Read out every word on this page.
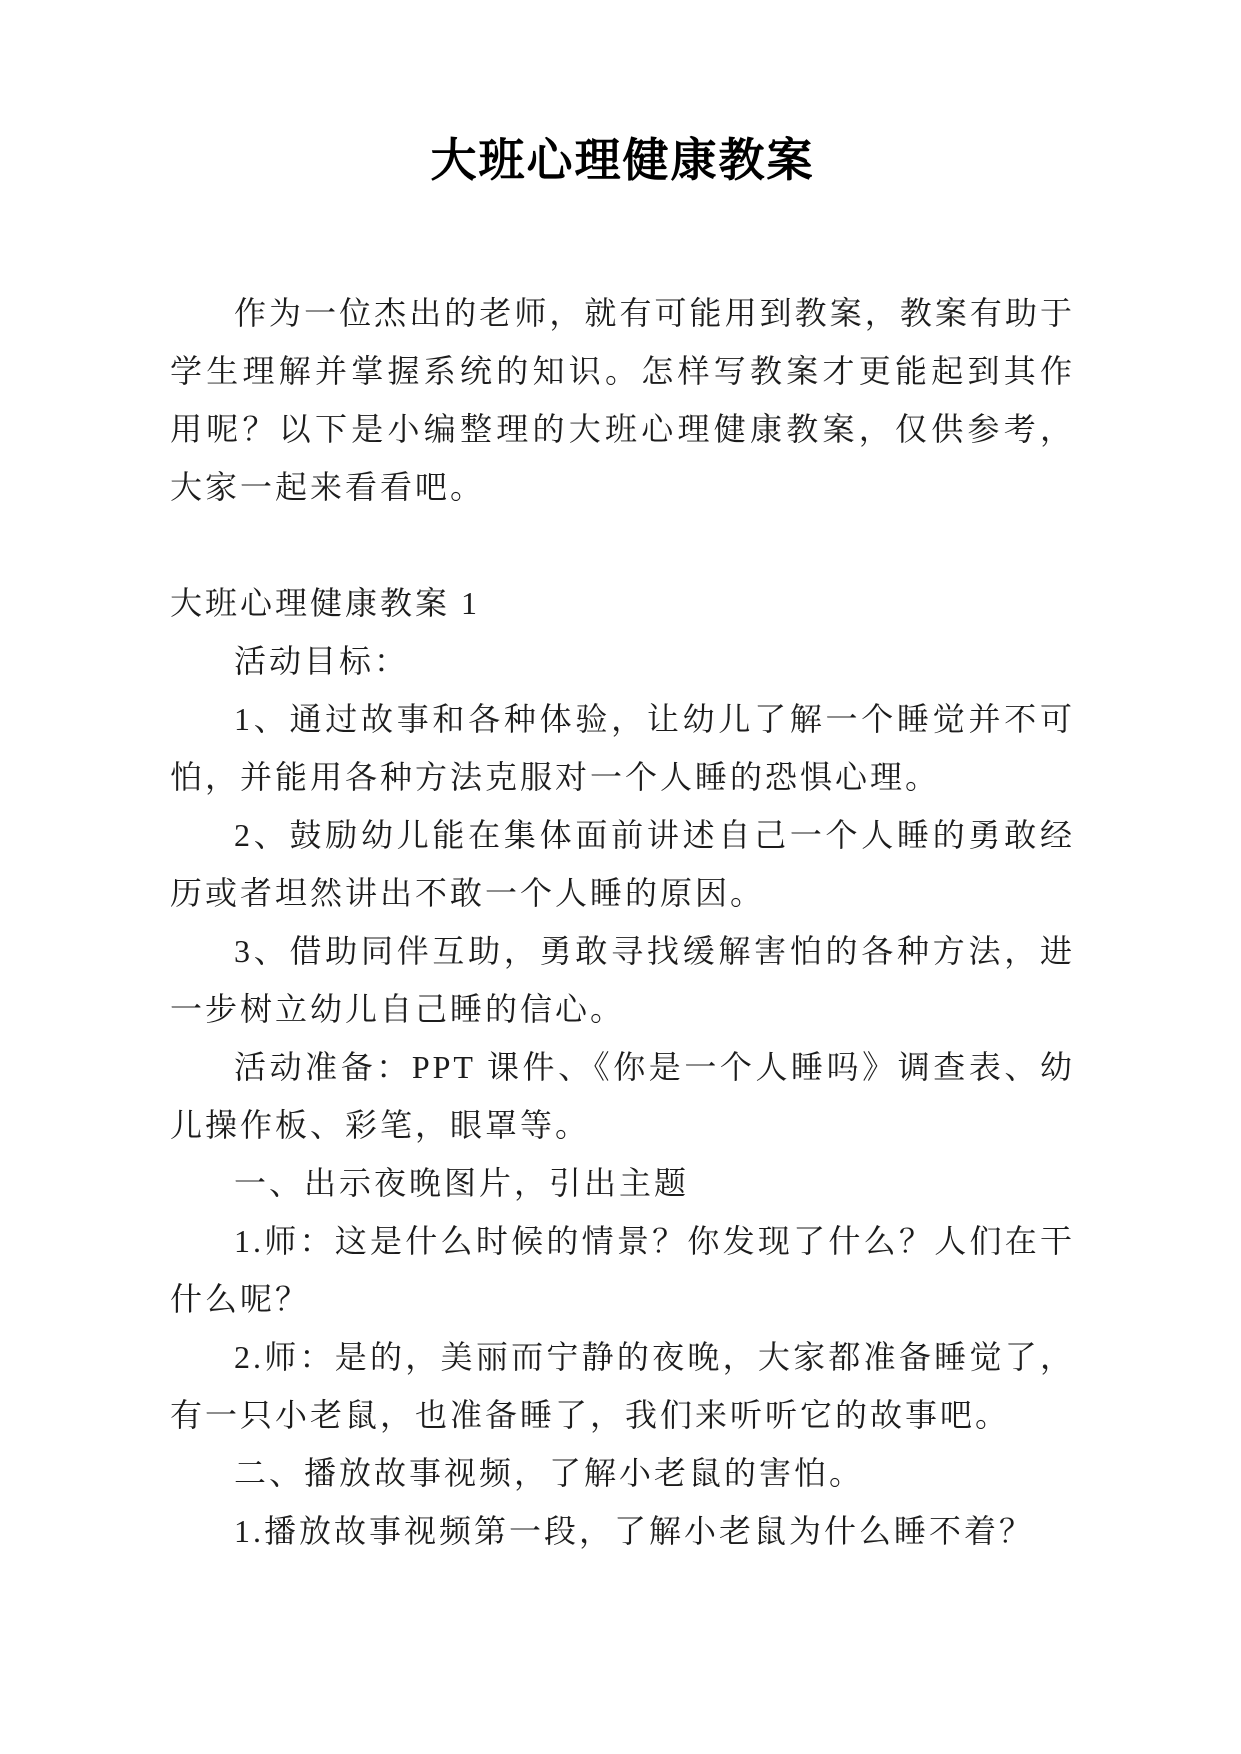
大班心理健康教案

作为一位杰出的老师，就有可能用到教案，教案有助于学生理解并掌握系统的知识。怎样写教案才更能起到其作用呢？以下是小编整理的大班心理健康教案，仅供参考，大家一起来看看吧。

大班心理健康教案 1

活动目标：

1、通过故事和各种体验，让幼儿了解一个睡觉并不可怕，并能用各种方法克服对一个人睡的恐惧心理。

2、鼓励幼儿能在集体面前讲述自己一个人睡的勇敢经历或者坦然讲出不敢一个人睡的原因。

3、借助同伴互助，勇敢寻找缓解害怕的各种方法，进一步树立幼儿自己睡的信心。

活动准备：PPT 课件、《你是一个人睡吗》调查表、幼儿操作板、彩笔，眼罩等。

一、出示夜晚图片，引出主题

1.师：这是什么时候的情景？你发现了什么？人们在干什么呢？

2.师：是的，美丽而宁静的夜晚，大家都准备睡觉了，有一只小老鼠，也准备睡了，我们来听听它的故事吧。

二、播放故事视频，了解小老鼠的害怕。

1.播放故事视频第一段，了解小老鼠为什么睡不着？
